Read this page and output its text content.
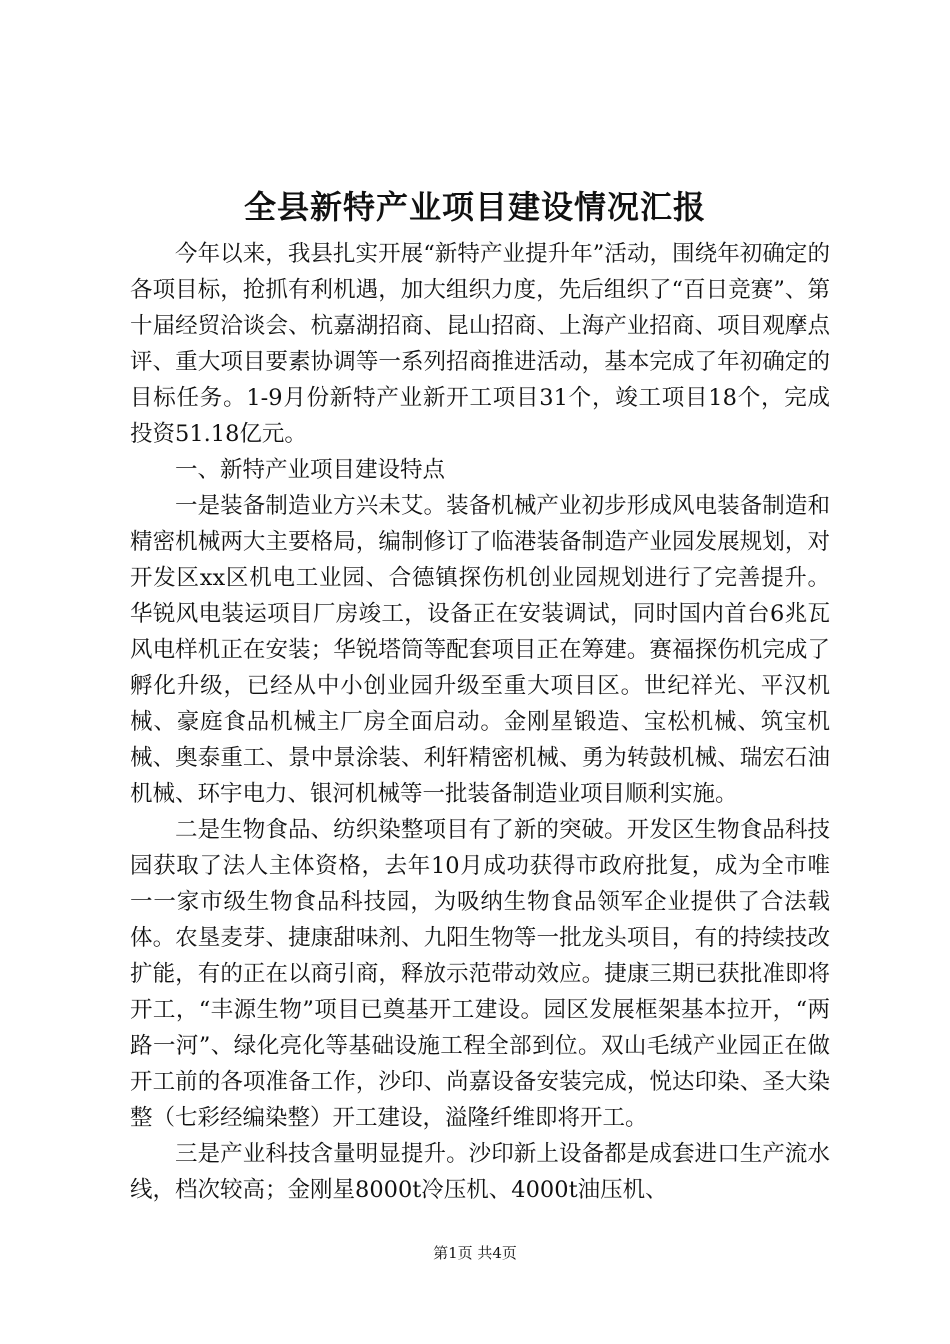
全县新特产业项目建设情况汇报

今年以来，我县扎实开展“新特产业提升年”活动，围绕年初确定的各项目标，抢抓有利机遇，加大组织力度，先后组织了“百日竞赛”、第十届经贸洽谈会、杭嘉湖招商、昆山招商、上海产业招商、项目观摩点评、重大项目要素协调等一系列招商推进活动，基本完成了年初确定的目标任务。1-9月份新特产业新开工项目31个，竣工项目18个，完成投资51.18亿元。

一、新特产业项目建设特点

一是装备制造业方兴未艾。装备机械产业初步形成风电装备制造和精密机械两大主要格局，编制修订了临港装备制造产业园发展规划，对开发区xx区机电工业园、合德镇探伤机创业园规划进行了完善提升。华锐风电装运项目厂房竣工，设备正在安装调试，同时国内首台6兆瓦风电样机正在安装；华锐塔筒等配套项目正在筹建。赛福探伤机完成了孵化升级，已经从中小创业园升级至重大项目区。世纪祥光、平汉机械、豪庭食品机械主厂房全面启动。金刚星锻造、宝松机械、筑宝机械、奥泰重工、景中景涂装、利轩精密机械、勇为转鼓机械、瑞宏石油机械、环宇电力、银河机械等一批装备制造业项目顺利实施。

二是生物食品、纺织染整项目有了新的突破。开发区生物食品科技园获取了法人主体资格，去年10月成功获得市政府批复，成为全市唯一一家市级生物食品科技园，为吸纳生物食品领军企业提供了合法载体。农垦麦芽、捷康甜味剂、九阳生物等一批龙头项目，有的持续技改扩能，有的正在以商引商，释放示范带动效应。捷康三期已获批准即将开工，“丰源生物”项目已奠基开工建设。园区发展框架基本拉开，“两路一河”、绿化亮化等基础设施工程全部到位。双山毛绒产业园正在做开工前的各项准备工作，沙印、尚嘉设备安装完成，悦达印染、圣大染整（七彩经编染整）开工建设，溢隆纤维即将开工。

三是产业科技含量明显提升。沙印新上设备都是成套进口生产流水线，档次较高；金刚星8000t冷压机、4000t油压机、

第1页 共4页
